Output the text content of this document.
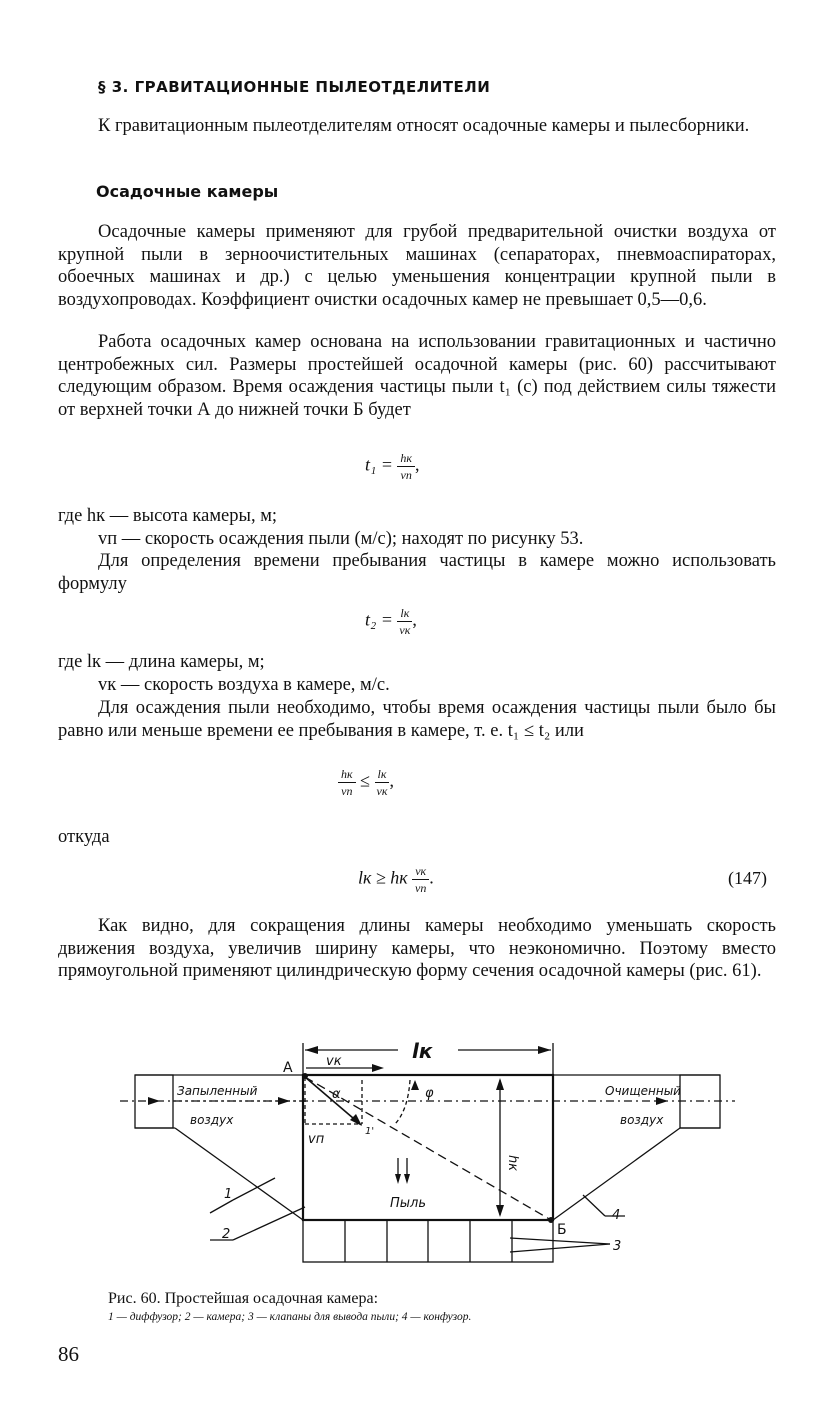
§ 3. ГРАВИТАЦИОННЫЕ ПЫЛЕОТДЕЛИТЕЛИ
К гравитационным пылеотделителям относят осадочные камеры и пылесборники.
Осадочные камеры
Осадочные камеры применяют для грубой предварительной очистки воздуха от крупной пыли в зерноочистительных машинах (сепараторах, пневмоаспираторах, обоечных машинах и др.) с целью уменьшения концентрации крупной пыли в воздухопроводах. Коэффициент очистки осадочных камер не превышает 0,5—0,6.
Работа осадочных камер основана на использовании гравитационных и частично центробежных сил. Размеры простейшей осадочной камеры (рис. 60) рассчитывают следующим образом. Время осаждения частицы пыли t₁ (с) под действием силы тяжести от верхней точки А до нижней точки Б будет
$t_1 = \frac{hк}{vп}$ ,
где hк — высота камеры, м;
vп — скорость осаждения пыли (м/с); находят по рисунку 53.
Для определения времени пребывания частицы в камере можно использовать формулу
$t_2 = \frac{lк}{vк}$ ,
где lк — длина камеры, м;
vк — скорость воздуха в камере, м/с.
Для осаждения пыли необходимо, чтобы время осаждения частицы пыли было бы равно или меньше времени ее пребывания в камере, т. е. t₁ ≤ t₂ или
$\frac{hк}{vп} \le \frac{lк}{vк}$ ,
откуда
lк ≥ hк $\frac{vк}{vп}$ .	(147)
Как видно, для сокращения длины камеры необходимо уменьшать скорость движения воздуха, увеличив ширину камеры, что неэкономично. Поэтому вместо прямоугольной применяют цилиндрическую форму сечения осадочной камеры (рис. 61).
А
Б
lк
vк
vп
hк
α	φ
1'
Запыленный
воздух
Очищенный
воздух
Пыль
1
2
3
4
Рис. 60. Простейшая осадочная камера:
1 — диффузор; 2 — камера; 3 — клапаны для вывода пыли; 4 — конфузор.
86
